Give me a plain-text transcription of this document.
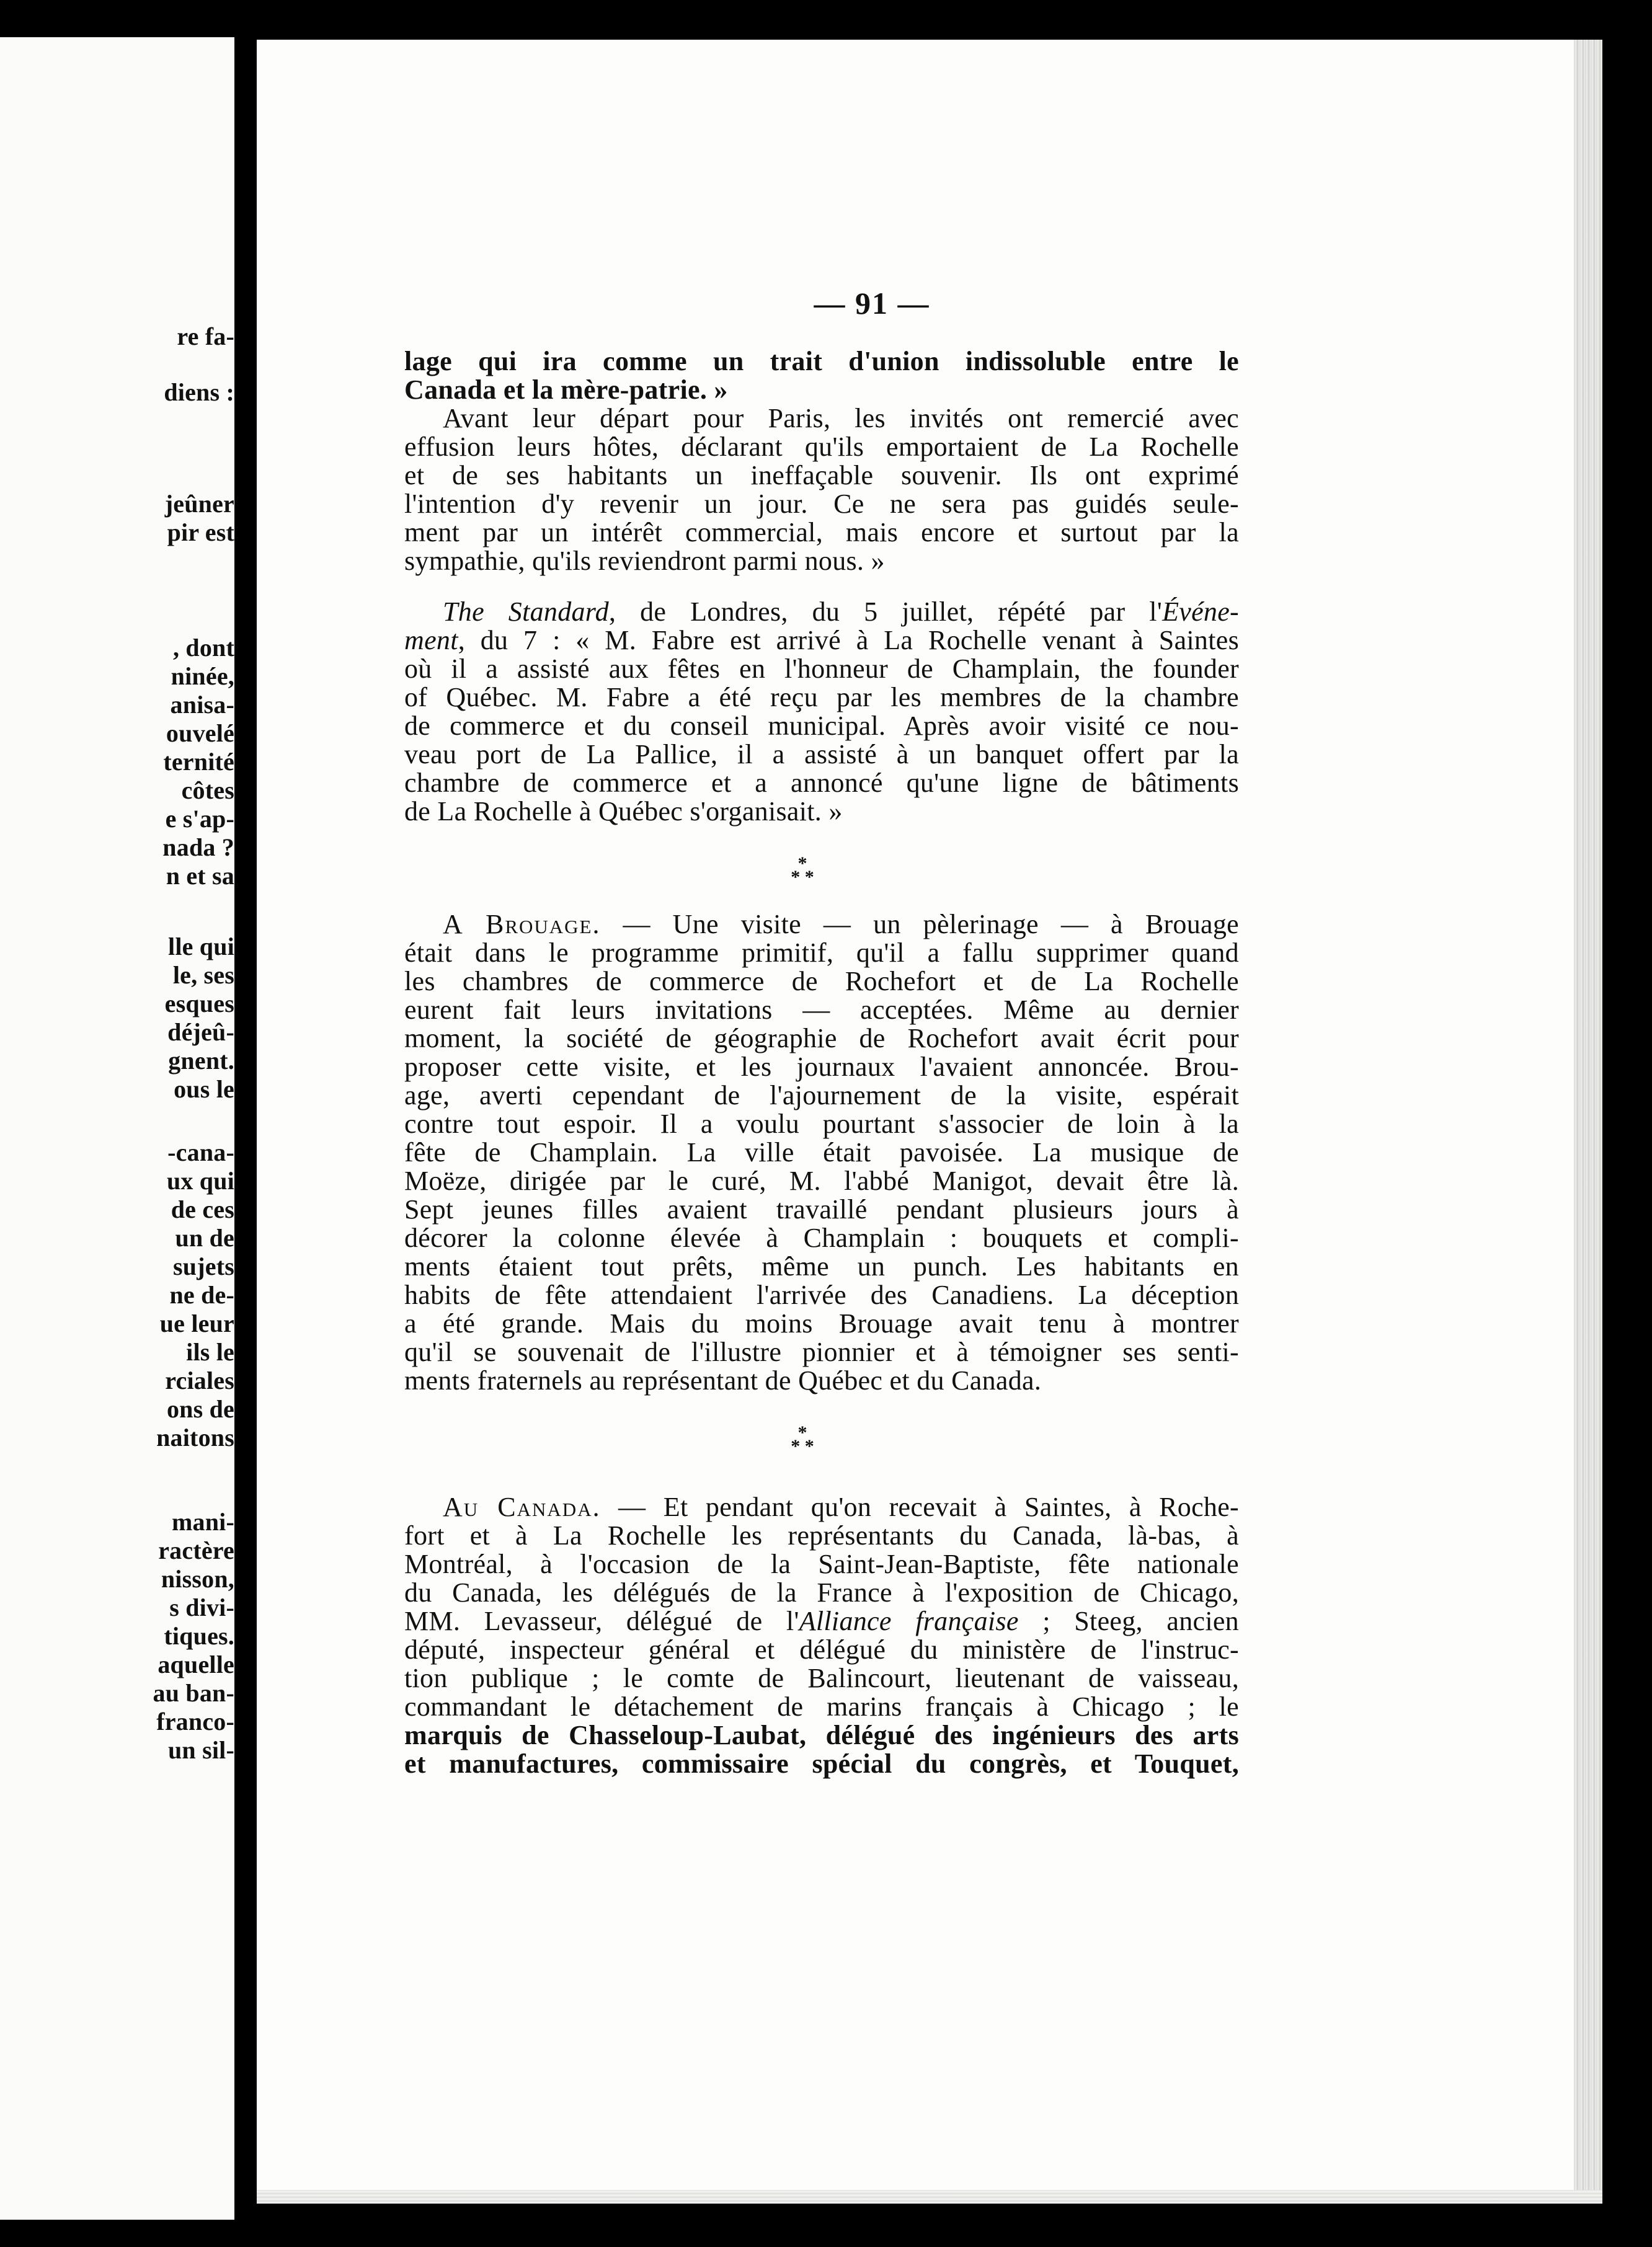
re fa-
diens :
jeûner
pir est
, dont
ninée,
anisa-
ouvelé
ternité
côtes
e s'ap-
nada ?
n et sa
lle qui
le, ses
esques
déjeû-
gnent.
ous le
-cana-
ux qui
de ces
un de
sujets
ne de-
ue leur
ils le
rciales
ons de
naitons
mani-
ractère
nisson,
s divi-
tiques.
aquelle
au ban-
franco-
un sil-
— 91 —
lage qui ira comme un trait d'union indissoluble entre le
Canada et la mère-patrie. »
Avant leur départ pour Paris, les invités ont remercié avec
effusion leurs hôtes, déclarant qu'ils emportaient de La Rochelle
et de ses habitants un ineffaçable souvenir. Ils ont exprimé
l'intention d'y revenir un jour. Ce ne sera pas guidés seule-
ment par un intérêt commercial, mais encore et surtout par la
sympathie, qu'ils reviendront parmi nous. »
The Standard, de Londres, du 5 juillet, répété par l'Événe-
ment, du 7 : « M. Fabre est arrivé à La Rochelle venant à Saintes
où il a assisté aux fêtes en l'honneur de Champlain, the founder
of Québec. M. Fabre a été reçu par les membres de la chambre
de commerce et du conseil municipal. Après avoir visité ce nou-
veau port de La Pallice, il a assisté à un banquet offert par la
chambre de commerce et a annoncé qu'une ligne de bâtiments
de La Rochelle à Québec s'organisait. »
*
* *
A Brouage. — Une visite — un pèlerinage — à Brouage
était dans le programme primitif, qu'il a fallu supprimer quand
les chambres de commerce de Rochefort et de La Rochelle
eurent fait leurs invitations — acceptées. Même au dernier
moment, la société de géographie de Rochefort avait écrit pour
proposer cette visite, et les journaux l'avaient annoncée. Brou-
age, averti cependant de l'ajournement de la visite, espérait
contre tout espoir. Il a voulu pourtant s'associer de loin à la
fête de Champlain. La ville était pavoisée. La musique de
Moëze, dirigée par le curé, M. l'abbé Manigot, devait être là.
Sept jeunes filles avaient travaillé pendant plusieurs jours à
décorer la colonne élevée à Champlain : bouquets et compli-
ments étaient tout prêts, même un punch. Les habitants en
habits de fête attendaient l'arrivée des Canadiens. La déception
a été grande. Mais du moins Brouage avait tenu à montrer
qu'il se souvenait de l'illustre pionnier et à témoigner ses senti-
ments fraternels au représentant de Québec et du Canada.
*
* *
Au Canada. — Et pendant qu'on recevait à Saintes, à Roche-
fort et à La Rochelle les représentants du Canada, là-bas, à
Montréal, à l'occasion de la Saint-Jean-Baptiste, fête nationale
du Canada, les délégués de la France à l'exposition de Chicago,
MM. Levasseur, délégué de l'Alliance française ; Steeg, ancien
député, inspecteur général et délégué du ministère de l'instruc-
tion publique ; le comte de Balincourt, lieutenant de vaisseau,
commandant le détachement de marins français à Chicago ; le
marquis de Chasseloup-Laubat, délégué des ingénieurs des arts
et manufactures, commissaire spécial du congrès, et Touquet,
